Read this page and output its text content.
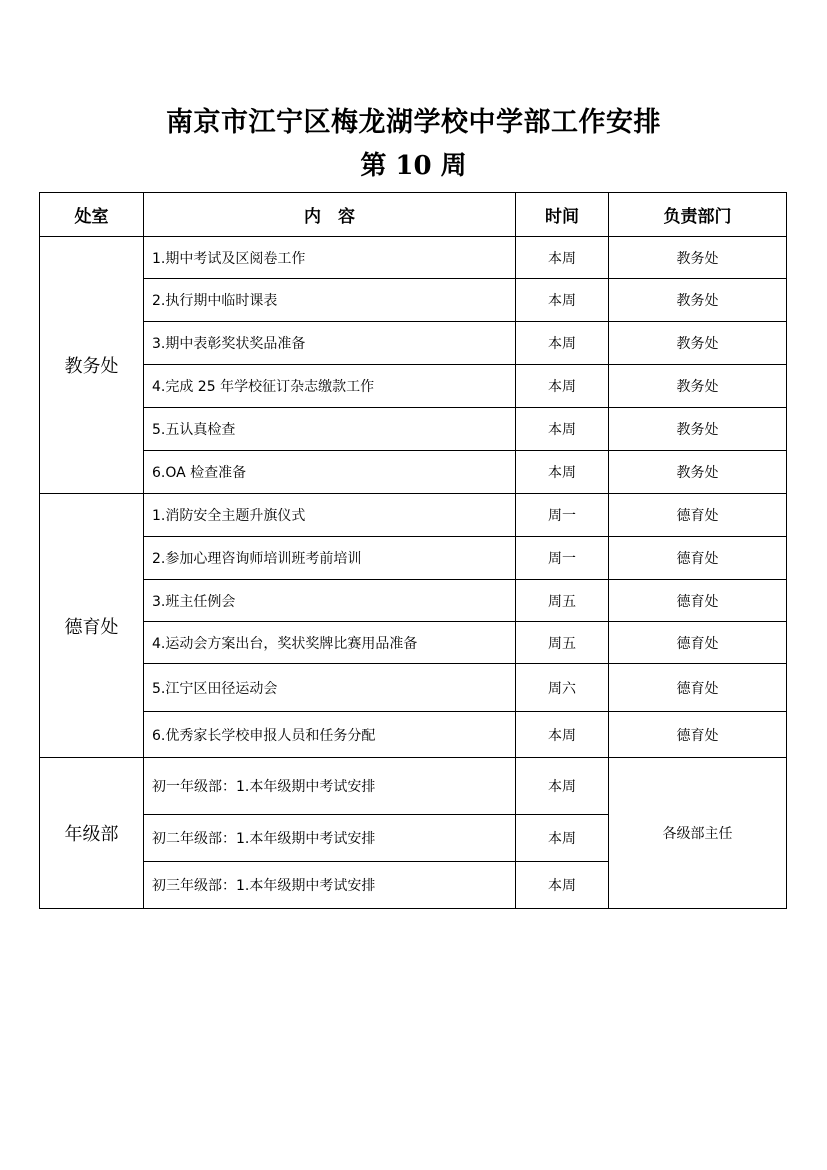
南京市江宁区梅龙湖学校中学部工作安排
第 10 周
处室	内　容	时间	负责部门
教务处	1.期中考试及区阅卷工作	本周	教务处
	2.执行期中临时课表	本周	教务处
	3.期中表彰奖状奖品准备	本周	教务处
	4.完成 25 年学校征订杂志缴款工作	本周	教务处
	5.五认真检查	本周	教务处
	6.OA 检查准备	本周	教务处
德育处	1.消防安全主题升旗仪式	周一	德育处
	2.参加心理咨询师培训班考前培训	周一	德育处
	3.班主任例会	周五	德育处
	4.运动会方案出台，奖状奖牌比赛用品准备	周五	德育处
	5.江宁区田径运动会	周六	德育处
	6.优秀家长学校申报人员和任务分配	本周	德育处
年级部	初一年级部：1.本年级期中考试安排	本周	各级部主任
	初二年级部：1.本年级期中考试安排	本周	
	初三年级部：1.本年级期中考试安排	本周	
